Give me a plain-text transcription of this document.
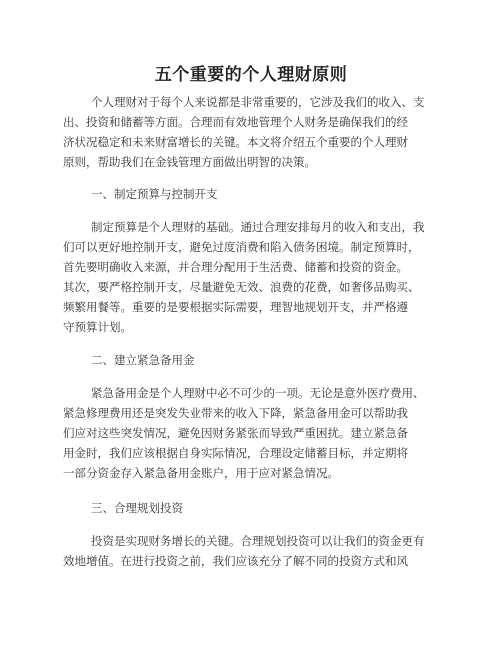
五个重要的个人理财原则
个人理财对于每个人来说都是非常重要的，它涉及我们的收入、支
出、投资和储蓄等方面。合理而有效地管理个人财务是确保我们的经
济状况稳定和未来财富增长的关键。本文将介绍五个重要的个人理财
原则，帮助我们在金钱管理方面做出明智的决策。
一、制定预算与控制开支
制定预算是个人理财的基础。通过合理安排每月的收入和支出，我
们可以更好地控制开支，避免过度消费和陷入债务困境。制定预算时，
首先要明确收入来源，并合理分配用于生活费、储蓄和投资的资金。
其次，要严格控制开支，尽量避免无效、浪费的花费，如奢侈品购买、
频繁用餐等。重要的是要根据实际需要，理智地规划开支，并严格遵
守预算计划。
二、建立紧急备用金
紧急备用金是个人理财中必不可少的一项。无论是意外医疗费用、
紧急修理费用还是突发失业带来的收入下降，紧急备用金可以帮助我
们应对这些突发情况，避免因财务紧张而导致严重困扰。建立紧急备
用金时，我们应该根据自身实际情况，合理设定储蓄目标，并定期将
一部分资金存入紧急备用金账户，用于应对紧急情况。
三、合理规划投资
投资是实现财务增长的关键。合理规划投资可以让我们的资金更有
效地增值。在进行投资之前，我们应该充分了解不同的投资方式和风
